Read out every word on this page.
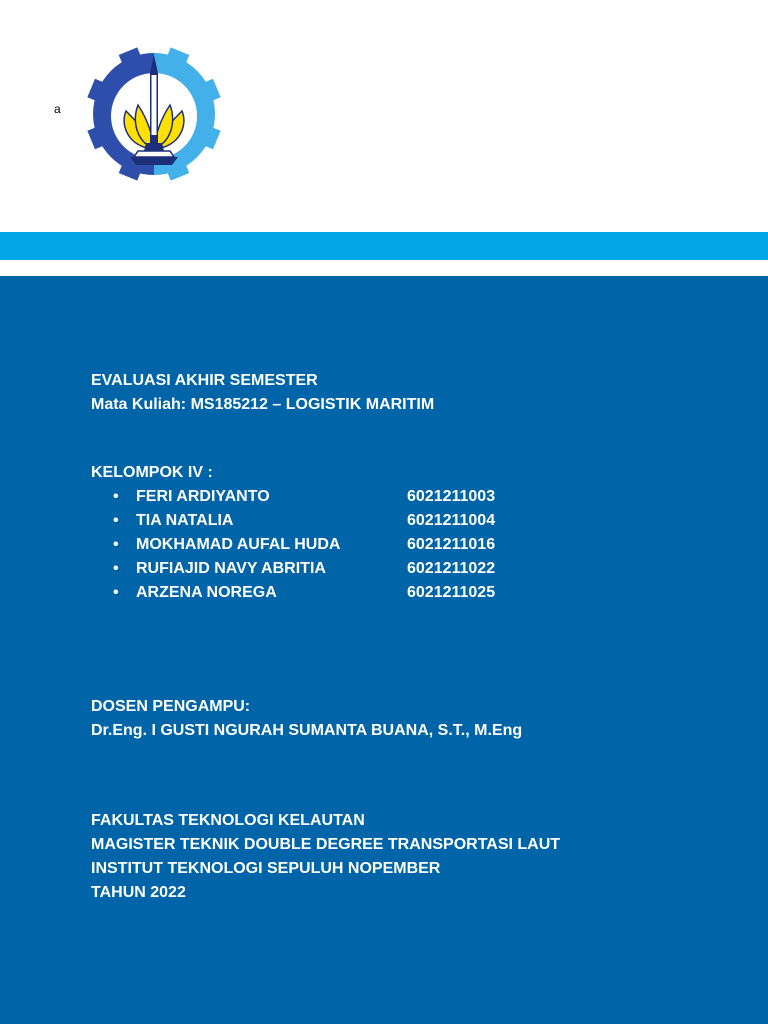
a
EVALUASI AKHIR SEMESTER
Mata Kuliah: MS185212 – LOGISTIK MARITIM
KELOMPOK IV :
• FERI ARDIYANTO	6021211003
• TIA NATALIA	6021211004
• MOKHAMAD AUFAL HUDA	6021211016
• RUFIAJID NAVY ABRITIA	6021211022
• ARZENA NOREGA	6021211025
DOSEN PENGAMPU:
Dr.Eng. I GUSTI NGURAH SUMANTA BUANA, S.T., M.Eng
FAKULTAS TEKNOLOGI KELAUTAN
MAGISTER TEKNIK DOUBLE DEGREE TRANSPORTASI LAUT
INSTITUT TEKNOLOGI SEPULUH NOPEMBER
TAHUN 2022
